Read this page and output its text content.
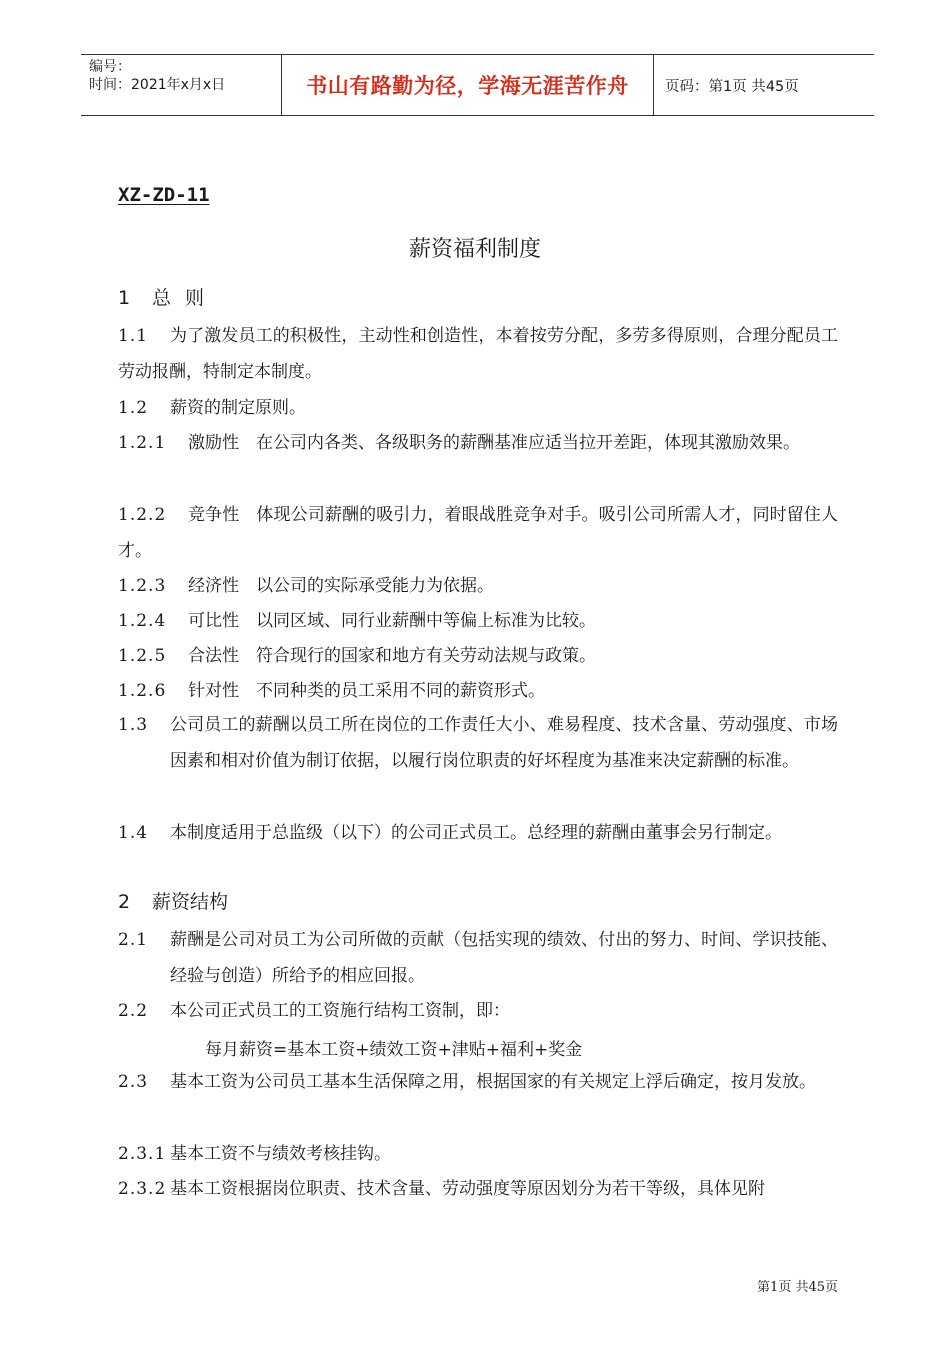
编号：
时间：2021年x月x日	书山有路勤为径，学海无涯苦作舟	页码：第1页 共45页
XZ-ZD-11
薪资福利制度
1 总 则
1.1	为了激发员工的积极性，主动性和创造性，本着按劳分配，多劳多得原则，合理分配员工劳动报酬，特制定本制度。
1.2	薪资的制定原则。
1.2.1	激励性　在公司内各类、各级职务的薪酬基准应适当拉开差距，体现其激励效果。
1.2.2	竞争性　体现公司薪酬的吸引力，着眼战胜竞争对手。吸引公司所需人才，同时留住人才。
1.2.3	经济性　以公司的实际承受能力为依据。
1.2.4	可比性　以同区域、同行业薪酬中等偏上标准为比较。
1.2.5	合法性　符合现行的国家和地方有关劳动法规与政策。
1.2.6	针对性　不同种类的员工采用不同的薪资形式。
1.3	公司员工的薪酬以员工所在岗位的工作责任大小、难易程度、技术含量、劳动强度、市场因素和相对价值为制订依据，以履行岗位职责的好坏程度为基准来决定薪酬的标准。
1.4	本制度适用于总监级（以下）的公司正式员工。总经理的薪酬由董事会另行制定。
2 薪资结构
2.1	薪酬是公司对员工为公司所做的贡献（包括实现的绩效、付出的努力、时间、学识技能、经验与创造）所给予的相应回报。
2.2	本公司正式员工的工资施行结构工资制，即：
每月薪资=基本工资+绩效工资+津贴+福利+奖金
2.3	基本工资为公司员工基本生活保障之用，根据国家的有关规定上浮后确定，按月发放。
2.3.1 基本工资不与绩效考核挂钩。
2.3.2 基本工资根据岗位职责、技术含量、劳动强度等原因划分为若干等级，具体见附
第1页 共45页
